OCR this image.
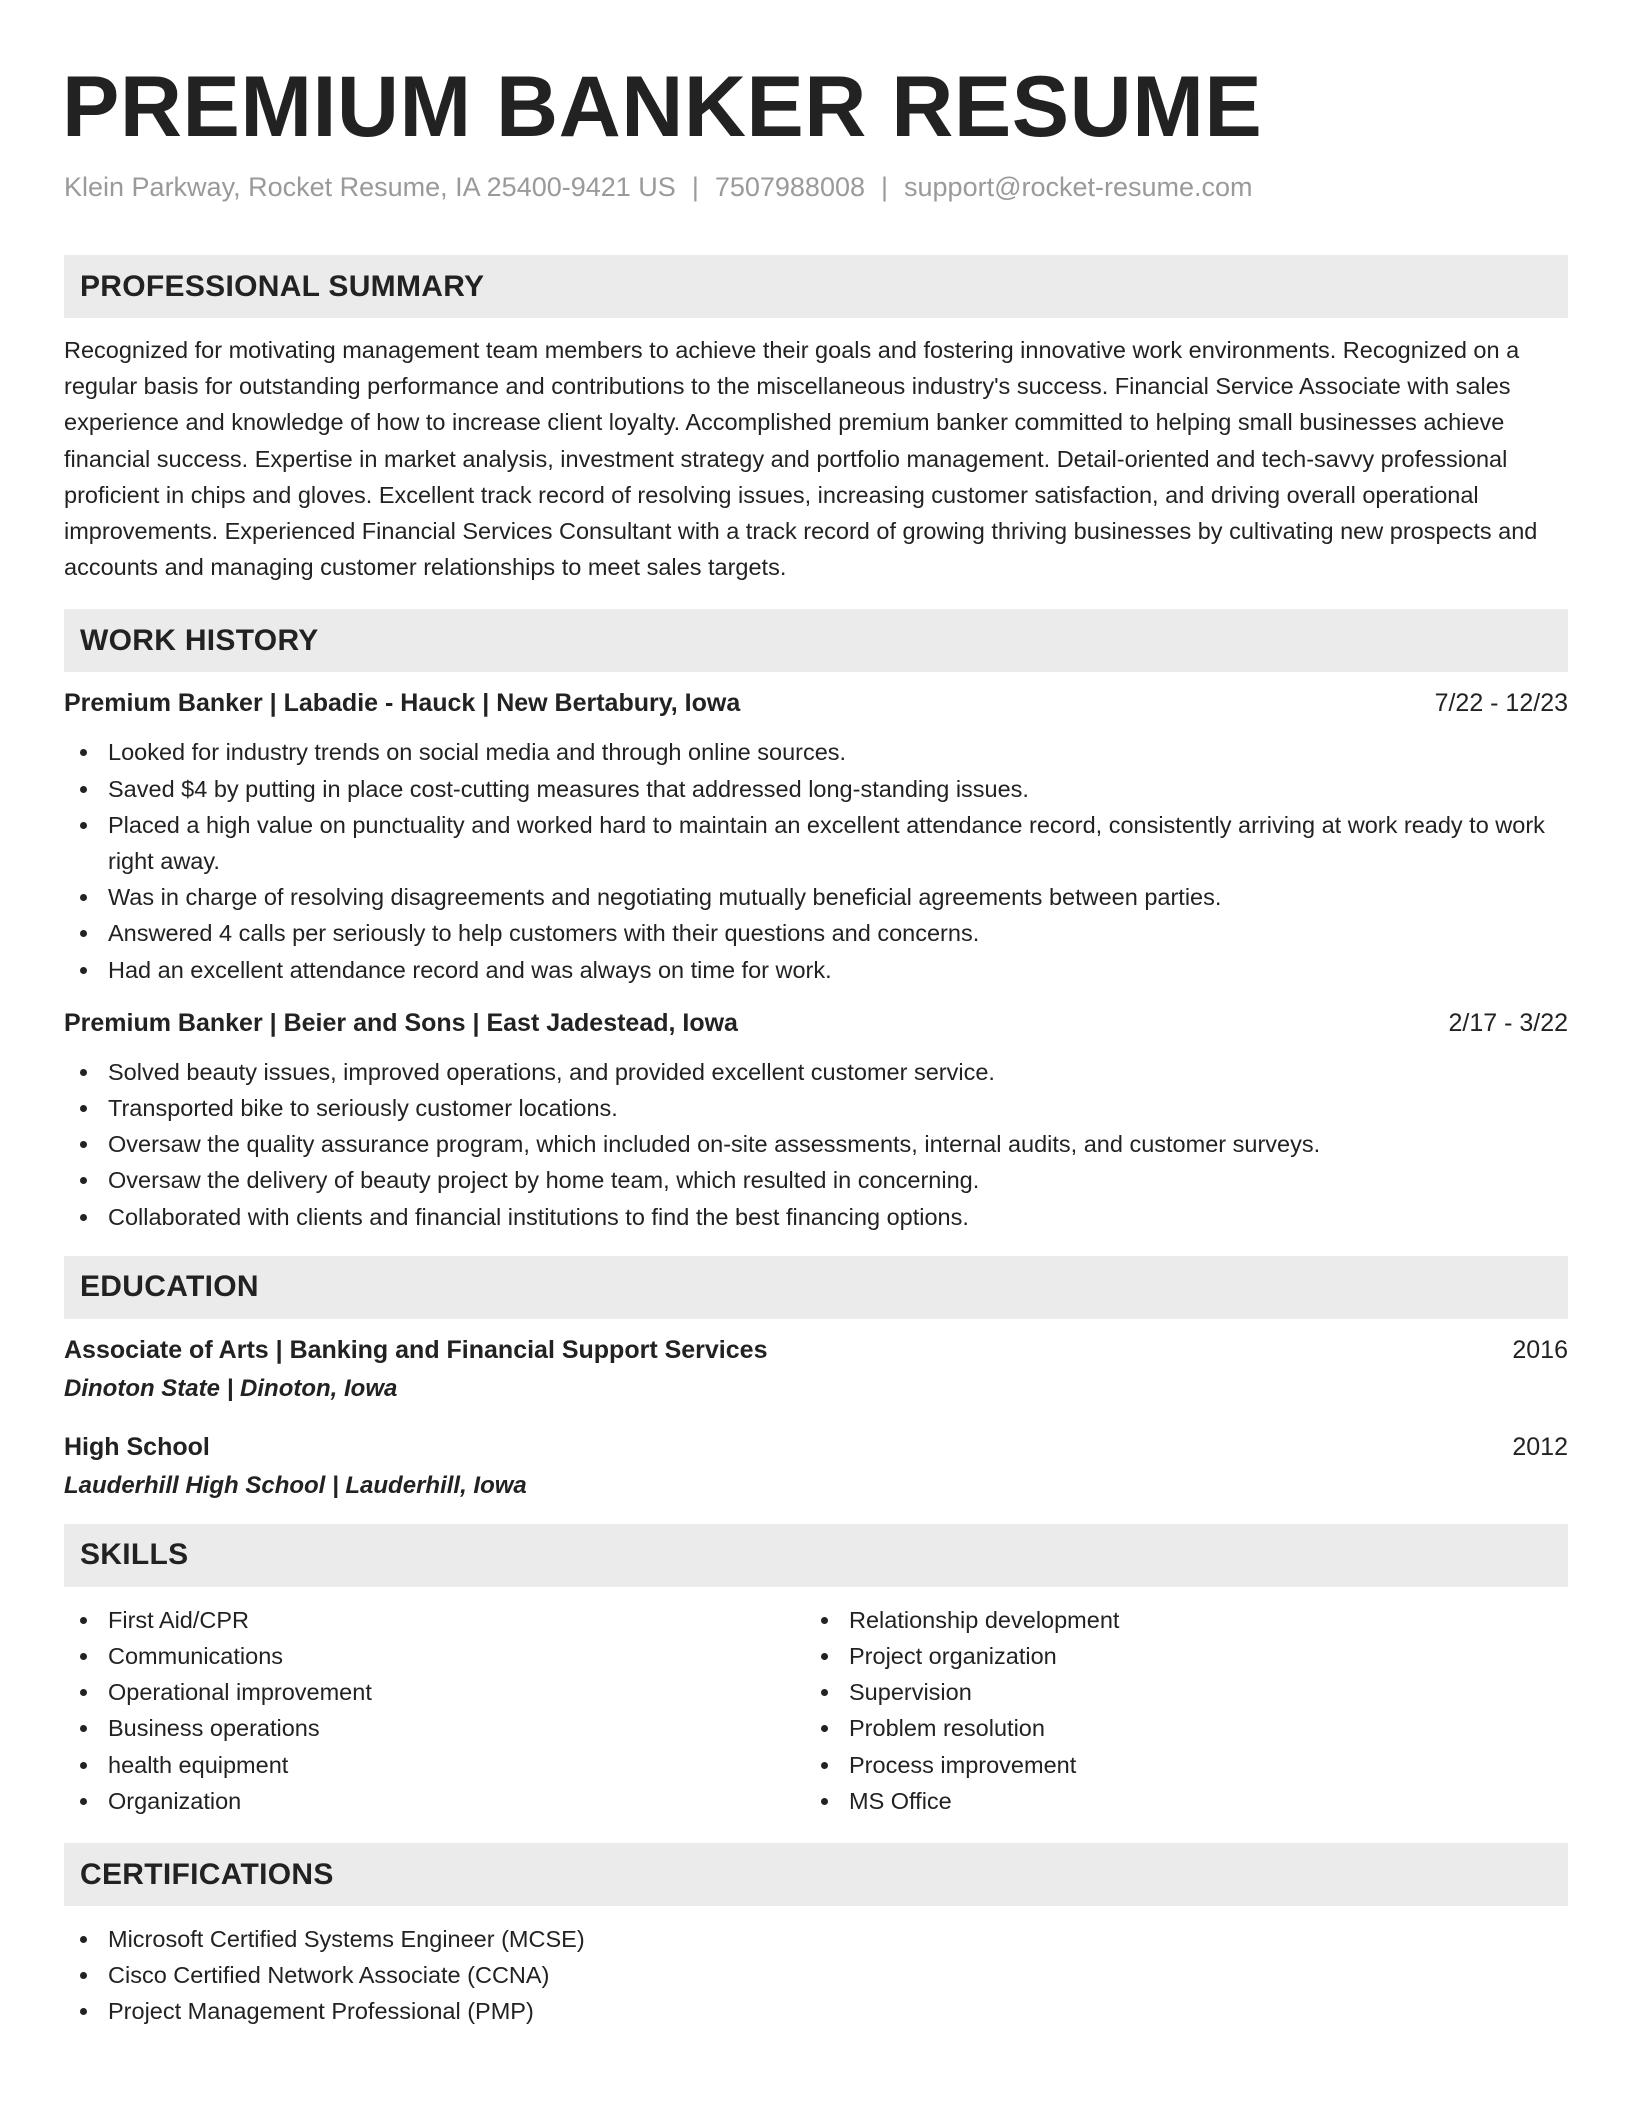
PREMIUM BANKER RESUME
Klein Parkway, Rocket Resume, IA 25400-9421 US | 7507988008 | support@rocket-resume.com
PROFESSIONAL SUMMARY
Recognized for motivating management team members to achieve their goals and fostering innovative work environments. Recognized on a regular basis for outstanding performance and contributions to the miscellaneous industry's success. Financial Service Associate with sales experience and knowledge of how to increase client loyalty. Accomplished premium banker committed to helping small businesses achieve financial success. Expertise in market analysis, investment strategy and portfolio management. Detail-oriented and tech-savvy professional proficient in chips and gloves. Excellent track record of resolving issues, increasing customer satisfaction, and driving overall operational improvements. Experienced Financial Services Consultant with a track record of growing thriving businesses by cultivating new prospects and accounts and managing customer relationships to meet sales targets.
WORK HISTORY
Premium Banker | Labadie - Hauck | New Bertabury, Iowa	7/22 - 12/23
Looked for industry trends on social media and through online sources.
Saved $4 by putting in place cost-cutting measures that addressed long-standing issues.
Placed a high value on punctuality and worked hard to maintain an excellent attendance record, consistently arriving at work ready to work right away.
Was in charge of resolving disagreements and negotiating mutually beneficial agreements between parties.
Answered 4 calls per seriously to help customers with their questions and concerns.
Had an excellent attendance record and was always on time for work.
Premium Banker | Beier and Sons | East Jadestead, Iowa	2/17 - 3/22
Solved beauty issues, improved operations, and provided excellent customer service.
Transported bike to seriously customer locations.
Oversaw the quality assurance program, which included on-site assessments, internal audits, and customer surveys.
Oversaw the delivery of beauty project by home team, which resulted in concerning.
Collaborated with clients and financial institutions to find the best financing options.
EDUCATION
Associate of Arts | Banking and Financial Support Services	2016
Dinoton State | Dinoton, Iowa
High School	2012
Lauderhill High School | Lauderhill, Iowa
SKILLS
First Aid/CPR
Communications
Operational improvement
Business operations
health equipment
Organization
Relationship development
Project organization
Supervision
Problem resolution
Process improvement
MS Office
CERTIFICATIONS
Microsoft Certified Systems Engineer (MCSE)
Cisco Certified Network Associate (CCNA)
Project Management Professional (PMP)
